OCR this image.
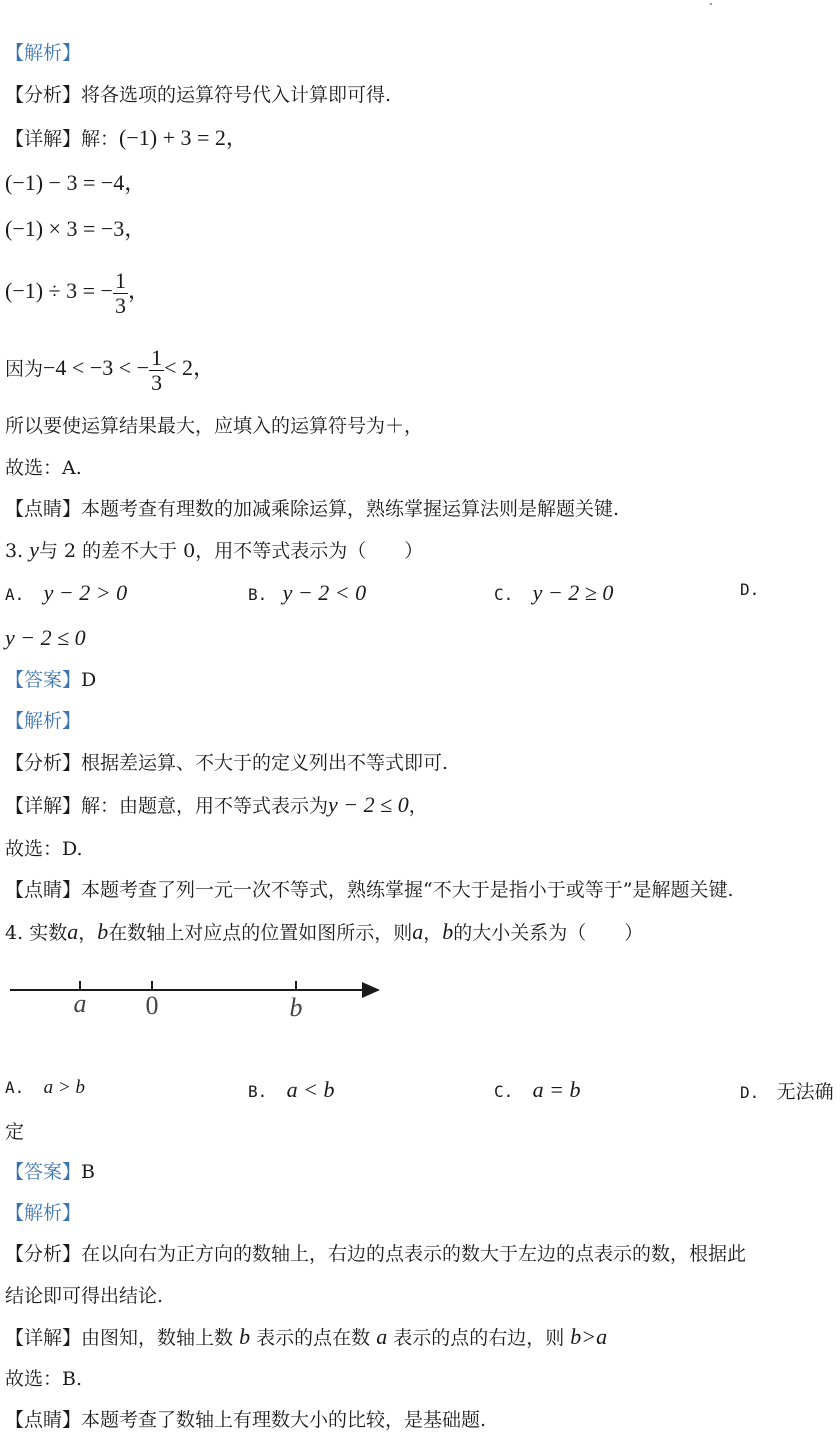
【解析】
【分析】将各选项的运算符号代入计算即可得.
【详解】解：(−1) + 3 = 2，
(−1) − 3 = −4，
(−1) × 3 = −3，
(−1) ÷ 3 = − $\frac{1}{3}$ ，
因为−4 < −3 < − $\frac{1}{3} < 2$，
所以要使运算结果最大，应填入的运算符号为＋，
故选：A.
【点睛】本题考查有理数的加减乘除运算，熟练掌握运算法则是解题关键.
3. y与 2 的差不大于 0，用不等式表示为（　　）
A. y − 2 > 0	B. y − 2 < 0	C. y − 2 ≥ 0	D.
y − 2 ≤ 0
【答案】D
【解析】
【分析】根据差运算、不大于的定义列出不等式即可.
【详解】解：由题意，用不等式表示为y − 2 ≤ 0，
故选：D.
【点睛】本题考查了列一元一次不等式，熟练掌握“不大于是指小于或等于”是解题关键.
4. 实数a，b在数轴上对应点的位置如图所示，则a，b的大小关系为（　　）
a 0	b
A. a > b	B. a < b	C. a = b	D. 无法确
定
【答案】B
【解析】
【分析】在以向右为正方向的数轴上，右边的点表示的数大于左边的点表示的数，根据此
结论即可得出结论.
【详解】由图知，数轴上数 b 表示的点在数 a 表示的点的右边，则 b>a
故选：B.
【点睛】本题考查了数轴上有理数大小的比较，是基础题.
